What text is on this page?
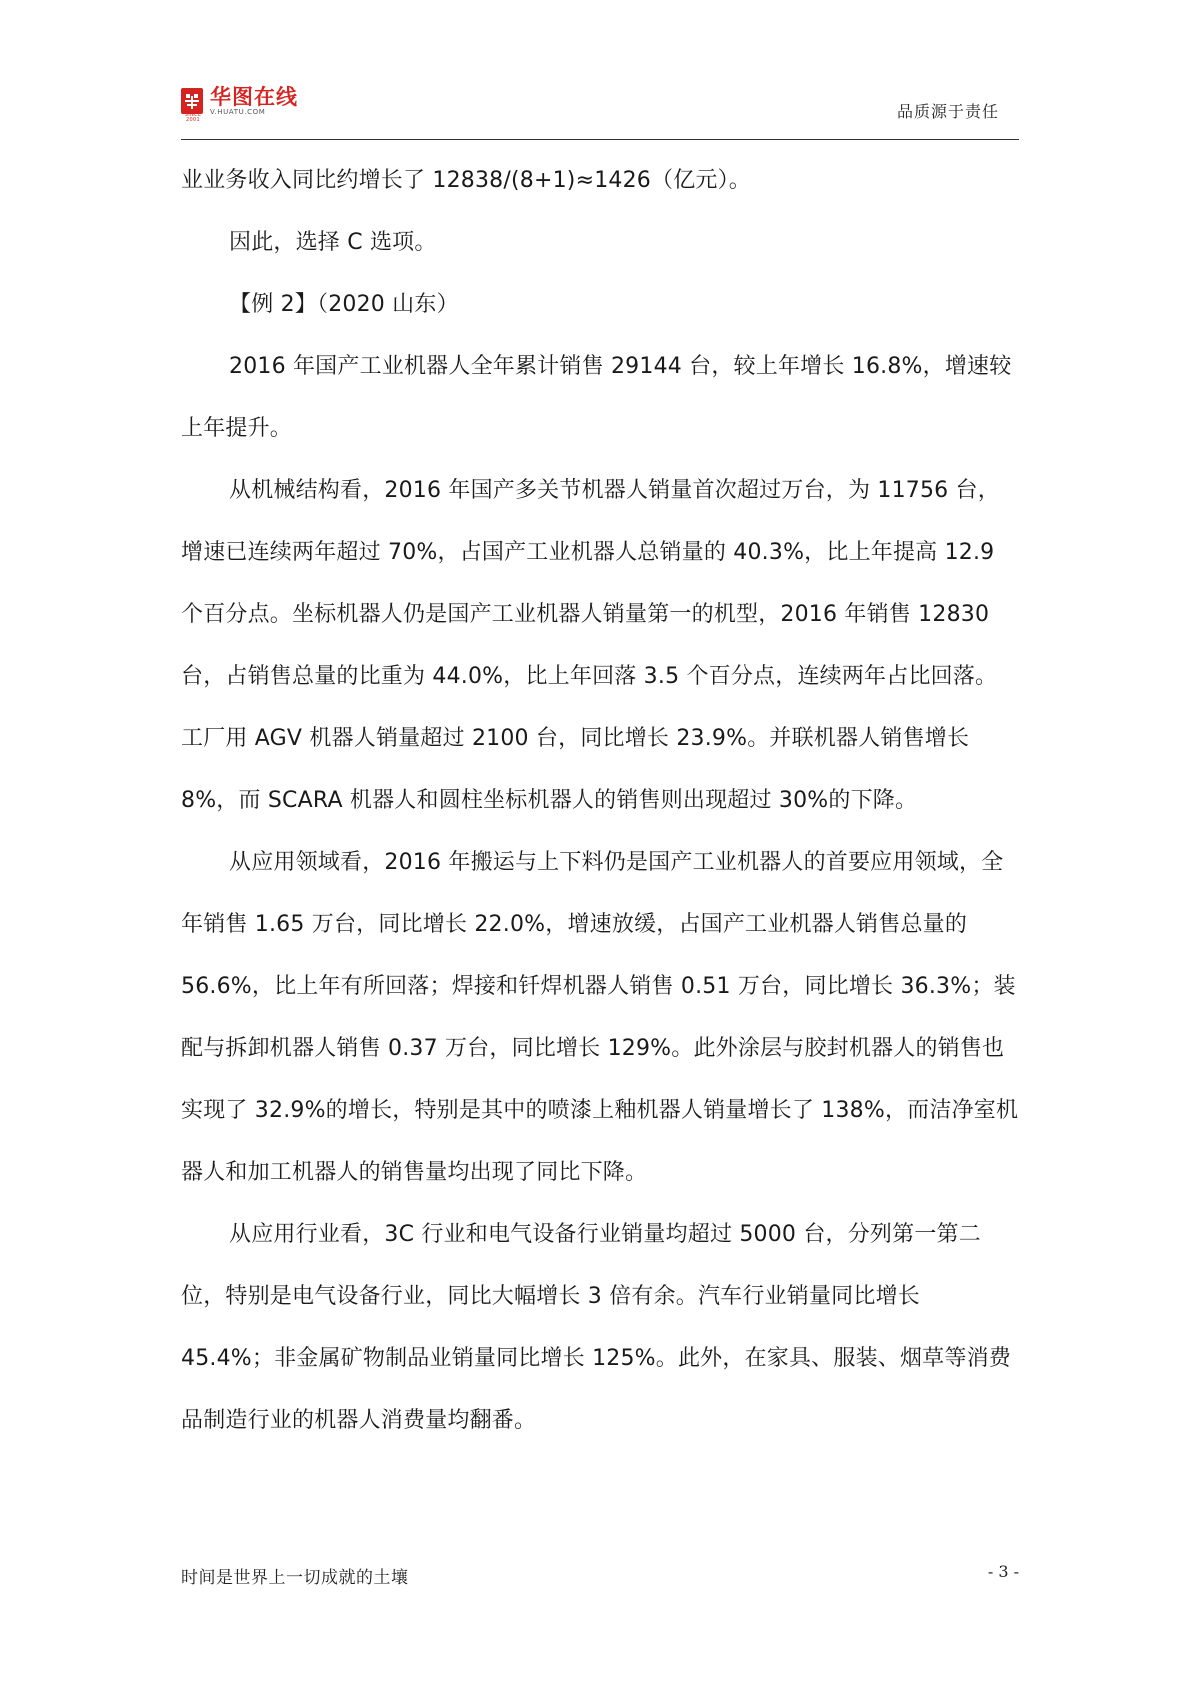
SINCE 2001
华图在线
V.HUATU.COM	品质源于责任

业业务收入同比约增长了 12838/(8+1)≈1426（亿元）。

因此，选择 C 选项。

【例 2】（2020 山东）

2016 年国产工业机器人全年累计销售 29144 台，较上年增长 16.8%，增速较上年提升。

从机械结构看，2016 年国产多关节机器人销量首次超过万台，为 11756 台，增速已连续两年超过 70%，占国产工业机器人总销量的 40.3%，比上年提高 12.9 个百分点。坐标机器人仍是国产工业机器人销量第一的机型，2016 年销售 12830 台，占销售总量的比重为 44.0%，比上年回落 3.5 个百分点，连续两年占比回落。工厂用 AGV 机器人销量超过 2100 台，同比增长 23.9%。并联机器人销售增长 8%，而 SCARA 机器人和圆柱坐标机器人的销售则出现超过 30%的下降。

从应用领域看，2016 年搬运与上下料仍是国产工业机器人的首要应用领域，全年销售 1.65 万台，同比增长 22.0%，增速放缓，占国产工业机器人销售总量的 56.6%，比上年有所回落；焊接和钎焊机器人销售 0.51 万台，同比增长 36.3%；装配与拆卸机器人销售 0.37 万台，同比增长 129%。此外涂层与胶封机器人的销售也实现了 32.9%的增长，特别是其中的喷漆上釉机器人销量增长了 138%，而洁净室机器人和加工机器人的销售量均出现了同比下降。

从应用行业看，3C 行业和电气设备行业销量均超过 5000 台，分列第一第二位，特别是电气设备行业，同比大幅增长 3 倍有余。汽车行业销量同比增长 45.4%；非金属矿物制品业销量同比增长 125%。此外，在家具、服装、烟草等消费品制造行业的机器人消费量均翻番。

时间是世界上一切成就的土壤	- 3 -
